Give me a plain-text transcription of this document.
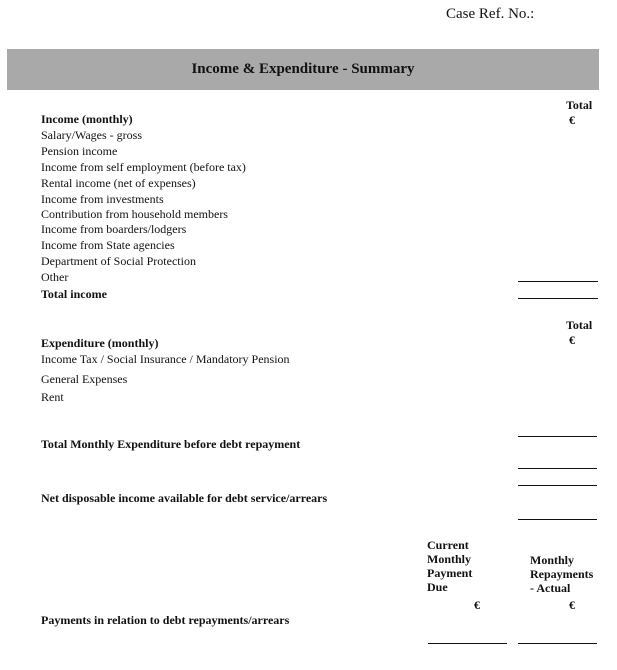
Case Ref. No.:
Income & Expenditure - Summary
Total
€
Income (monthly)
Salary/Wages - gross
Pension income
Income from self employment (before tax)
Rental income (net of expenses)
Income from investments
Contribution from household members
Income from boarders/lodgers
Income from State agencies
Department of Social Protection
Other
Total income
Total
€
Expenditure (monthly)
Income Tax / Social Insurance / Mandatory Pension
General Expenses
Rent
Total Monthly Expenditure before debt repayment
Net disposable income available for debt service/arrears
Current
Monthly
Payment
Due
Monthly
Repayments
- Actual
€	€
Payments in relation to debt repayments/arrears
